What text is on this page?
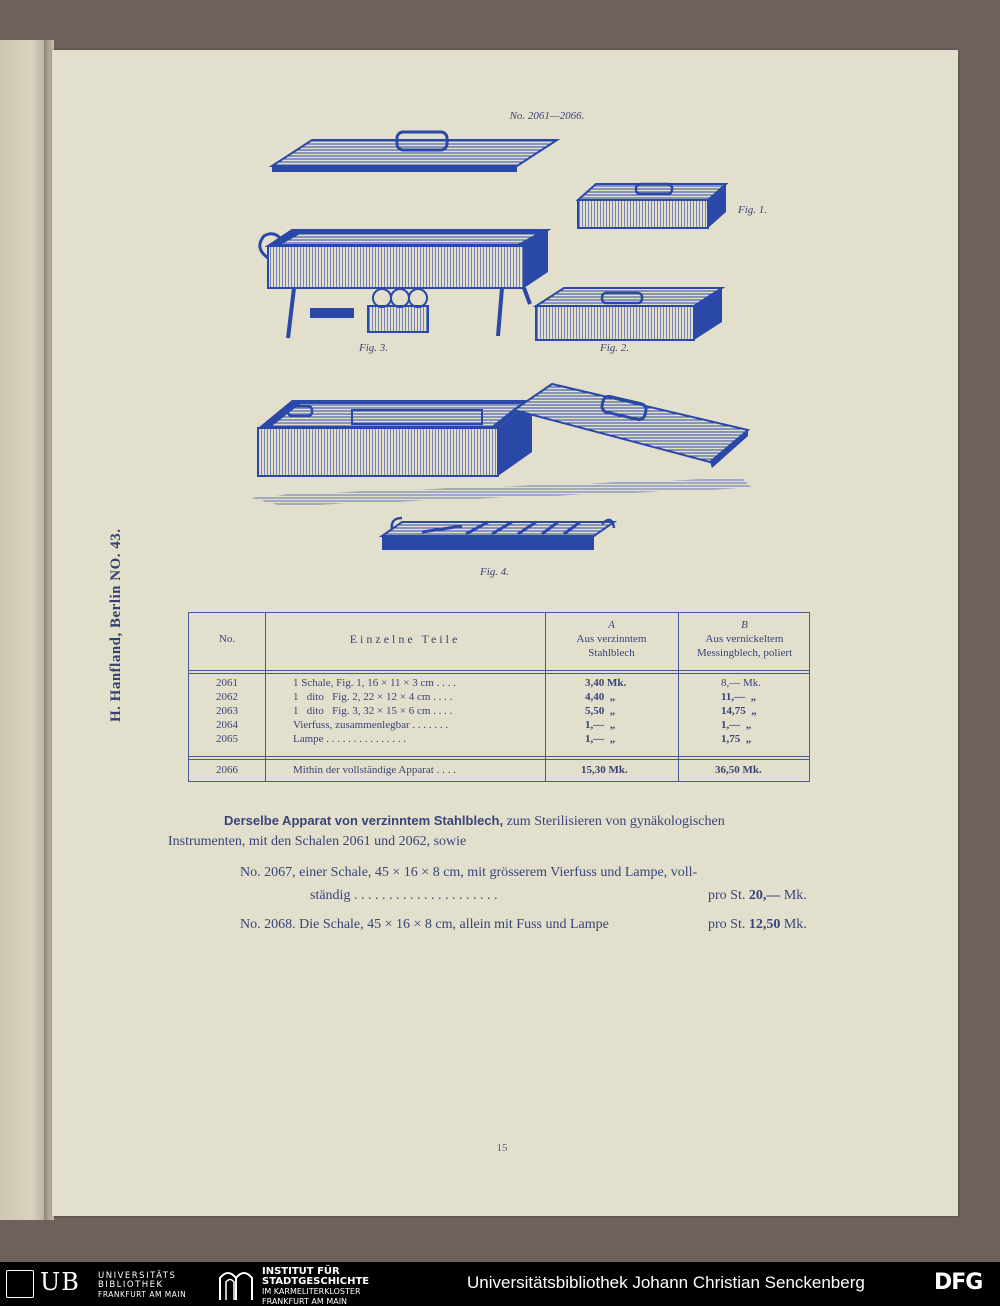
No. 2061—2066.
Fig. 1.
Fig. 3.	Fig. 2.
Fig. 4.
H. Hanfland, Berlin NO. 43.	No.	Einzelne Teile
A
Aus verzinntem
Stahlblech
B
Aus vernickeltem
Messingblech, poliert
2061	1 Schale, Fig. 1, 16 × 11 × 3 cm . . . .	3,40 Mk.	8,— Mk.
2062	1   dito   Fig. 2, 22 × 12 × 4 cm . . . .	4,40  „	11,—  „
2063	1   dito   Fig. 3, 32 × 15 × 6 cm . . . .	5,50  „	14,75  „
2064	Vierfuss, zusammenlegbar . . . . . . .	1,—  „	1,—  „
2065	Lampe . . . . . . . . . . . . . . .	1,—  „	1,75  „
2066	Mithin der vollständige Apparat . . . .	15,30 Mk.	36,50 Mk.
Derselbe Apparat von verzinntem Stahlblech, zum Sterilisieren von gynäkologischen
Instrumenten, mit den Schalen 2061 und 2062, sowie
No. 2067, einer Schale, 45 × 16 × 8 cm, mit grösserem Vierfuss und Lampe, voll-
ständig . . . . . . . . . . . . . . . . . . . . .	pro St. 20,— Mk.
No. 2068. Die Schale, 45 × 16 × 8 cm, allein mit Fuss und Lampe	pro St. 12,50 Mk.
15
UB UNIVERSITÄTS
BIBLIOTHEK
FRANKFURT AM MAIN
INSTITUT FÜR
STADTGESCHICHTE
IM KARMELITERKLOSTER
FRANKFURT AM MAIN
Universitätsbibliothek Johann Christian Senckenberg	DFG
